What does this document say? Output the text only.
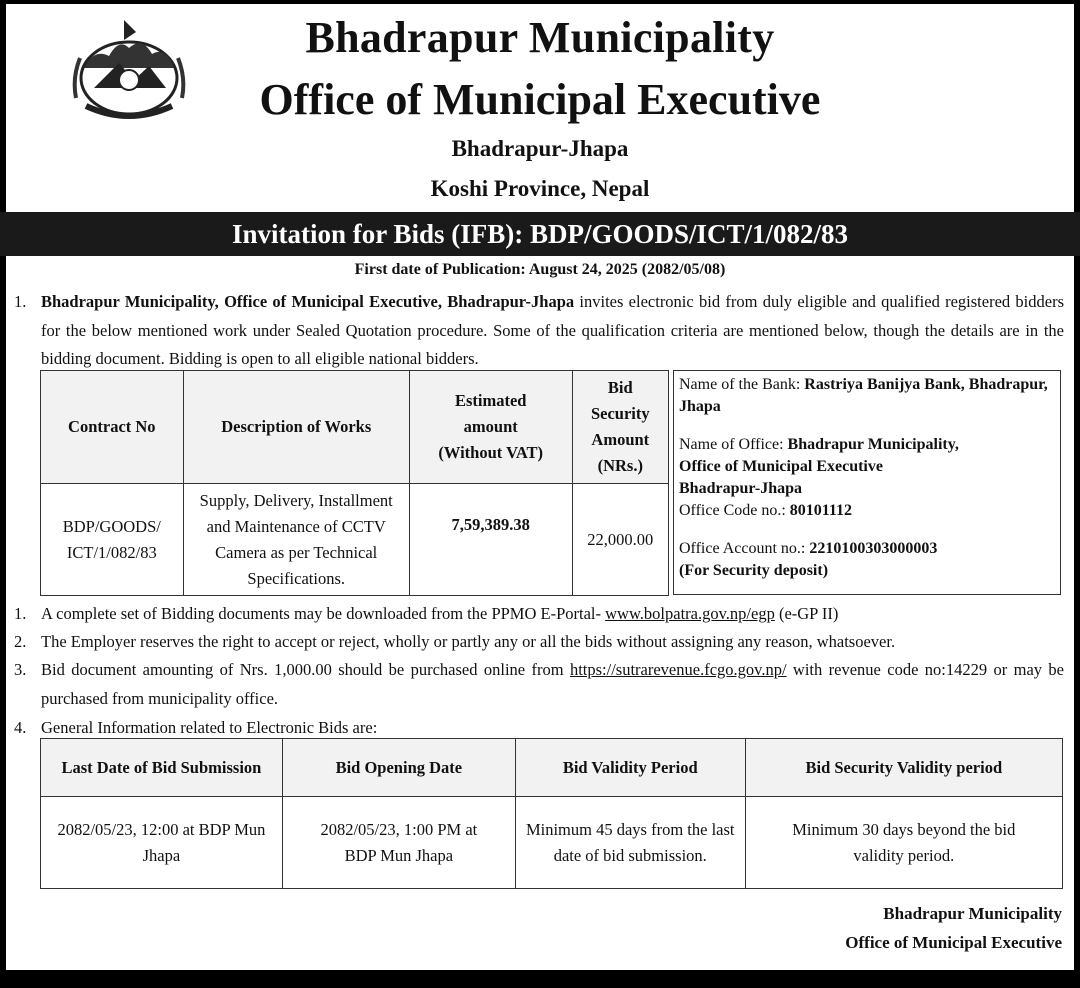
Bhadrapur Municipality
Office of Municipal Executive
Bhadrapur-Jhapa
Koshi Province, Nepal
Invitation for Bids (IFB): BDP/GOODS/ICT/1/082/83
First date of Publication: August 24, 2025 (2082/05/08)
1. Bhadrapur Municipality, Office of Municipal Executive, Bhadrapur-Jhapa invites electronic bid from duly eligible and qualified registered bidders for the below mentioned work under Sealed Quotation procedure. Some of the qualification criteria are mentioned below, though the details are in the bidding document. Bidding is open to all eligible national bidders.
Contract No	Description of Works	Estimated amount (Without VAT)	Bid Security Amount (NRs.)
BDP/GOODS/ ICT/1/082/83	Supply, Delivery, Installment and Maintenance of CCTV Camera as per Technical Specifications.	7,59,389.38	22,000.00
Name of the Bank: Rastriya Banijya Bank, Bhadrapur, Jhapa
Name of Office: Bhadrapur Municipality,
Office of Municipal Executive
Bhadrapur-Jhapa
Office Code no.: 80101112
Office Account no.: 2210100303000003
(For Security deposit)
1. A complete set of Bidding documents may be downloaded from the PPMO E-Portal- www.bolpatra.gov.np/egp (e-GP II)
2. The Employer reserves the right to accept or reject, wholly or partly any or all the bids without assigning any reason, whatsoever.
3. Bid document amounting of Nrs. 1,000.00 should be purchased online from https://sutrarevenue.fcgo.gov.np/ with revenue code no:14229 or may be purchased from municipality office.
4. General Information related to Electronic Bids are:
Last Date of Bid Submission	Bid Opening Date	Bid Validity Period	Bid Security Validity period
2082/05/23, 12:00 at BDP Mun Jhapa	2082/05/23, 1:00 PM at BDP Mun Jhapa	Minimum 45 days from the last date of bid submission.	Minimum 30 days beyond the bid validity period.
Bhadrapur Municipality
Office of Municipal Executive
